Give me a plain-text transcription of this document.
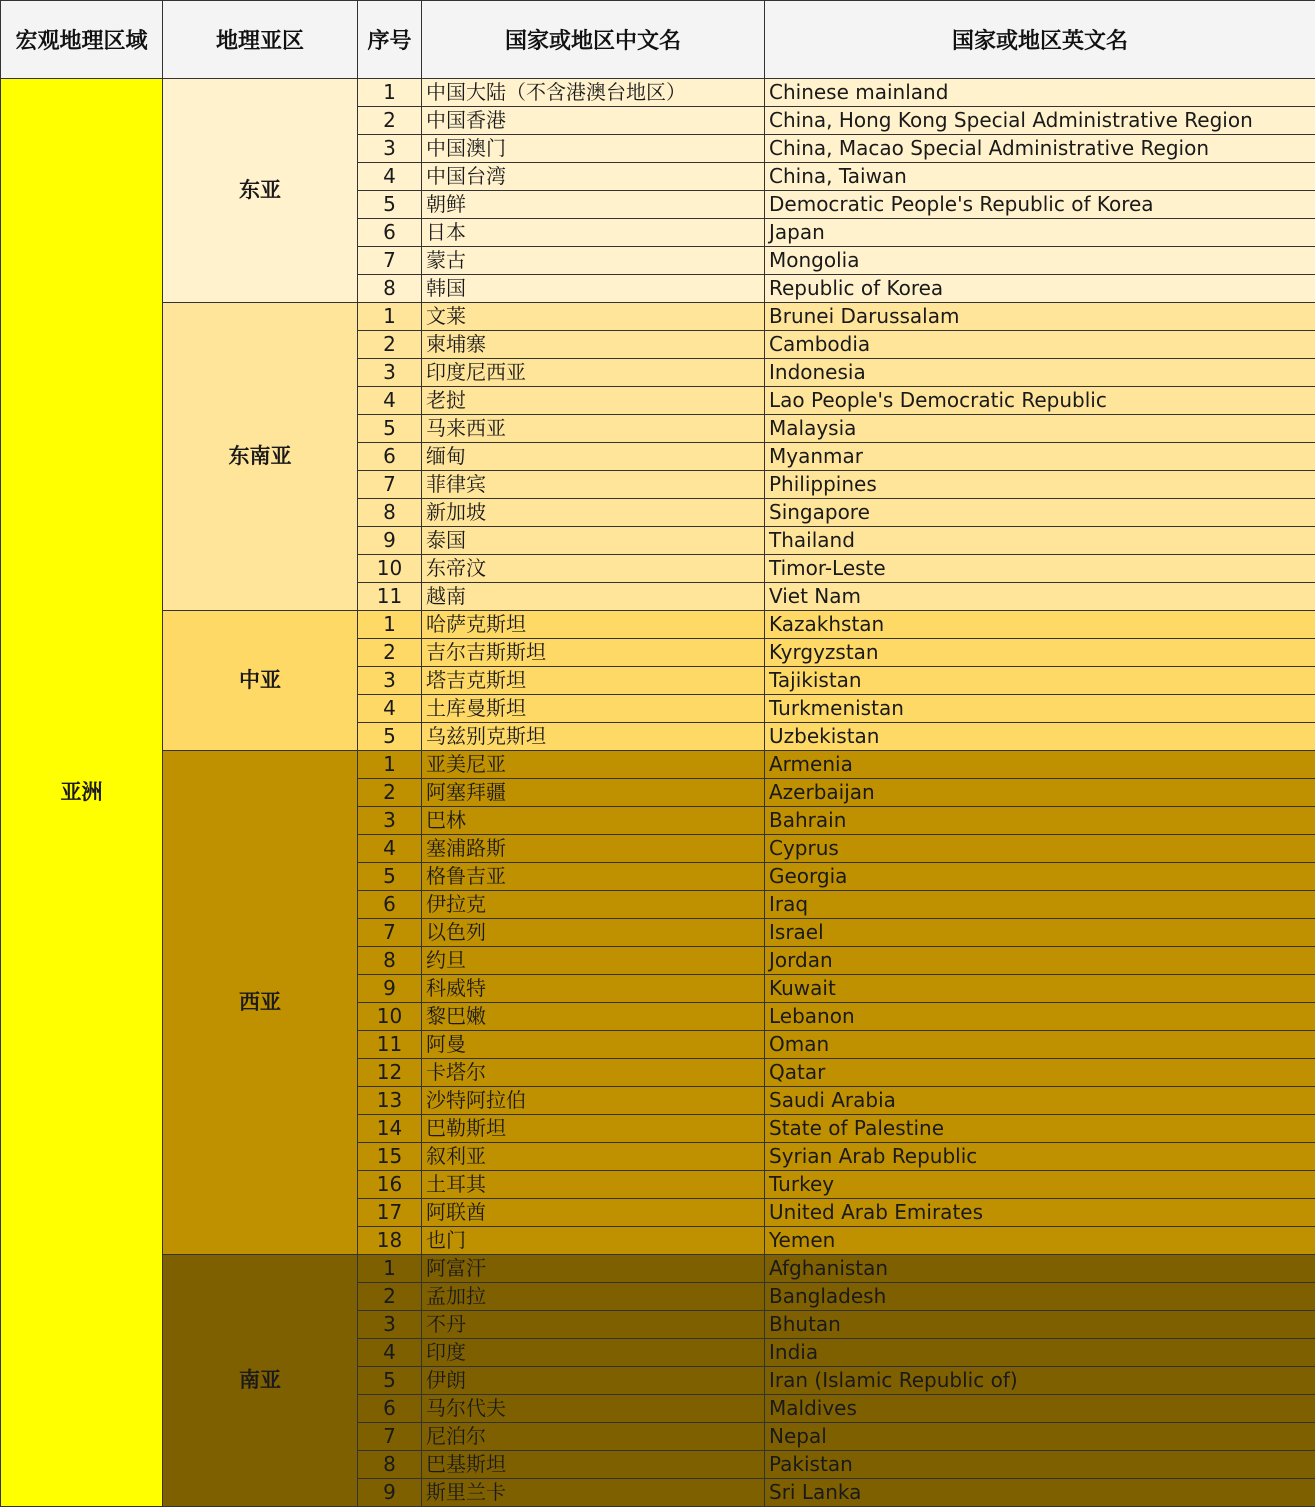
宏观地理区域	地理亚区	序号	国家或地区中文名	国家或地区英文名
亚洲	东亚	1	中国大陆（不含港澳台地区）	Chinese mainland
		2	中国香港	China, Hong Kong Special Administrative Region
		3	中国澳门	China, Macao Special Administrative Region
		4	中国台湾	China, Taiwan
		5	朝鲜	Democratic People's Republic of Korea
		6	日本	Japan
		7	蒙古	Mongolia
		8	韩国	Republic of Korea
	东南亚	1	文莱	Brunei Darussalam
		2	柬埔寨	Cambodia
		3	印度尼西亚	Indonesia
		4	老挝	Lao People's Democratic Republic
		5	马来西亚	Malaysia
		6	缅甸	Myanmar
		7	菲律宾	Philippines
		8	新加坡	Singapore
		9	泰国	Thailand
		10	东帝汶	Timor-Leste
		11	越南	Viet Nam
	中亚	1	哈萨克斯坦	Kazakhstan
		2	吉尔吉斯斯坦	Kyrgyzstan
		3	塔吉克斯坦	Tajikistan
		4	土库曼斯坦	Turkmenistan
		5	乌兹别克斯坦	Uzbekistan
	西亚	1	亚美尼亚	Armenia
		2	阿塞拜疆	Azerbaijan
		3	巴林	Bahrain
		4	塞浦路斯	Cyprus
		5	格鲁吉亚	Georgia
		6	伊拉克	Iraq
		7	以色列	Israel
		8	约旦	Jordan
		9	科威特	Kuwait
		10	黎巴嫩	Lebanon
		11	阿曼	Oman
		12	卡塔尔	Qatar
		13	沙特阿拉伯	Saudi Arabia
		14	巴勒斯坦	State of Palestine
		15	叙利亚	Syrian Arab Republic
		16	土耳其	Turkey
		17	阿联酋	United Arab Emirates
		18	也门	Yemen
	南亚	1	阿富汗	Afghanistan
		2	孟加拉	Bangladesh
		3	不丹	Bhutan
		4	印度	India
		5	伊朗	Iran (Islamic Republic of)
		6	马尔代夫	Maldives
		7	尼泊尔	Nepal
		8	巴基斯坦	Pakistan
		9	斯里兰卡	Sri Lanka
